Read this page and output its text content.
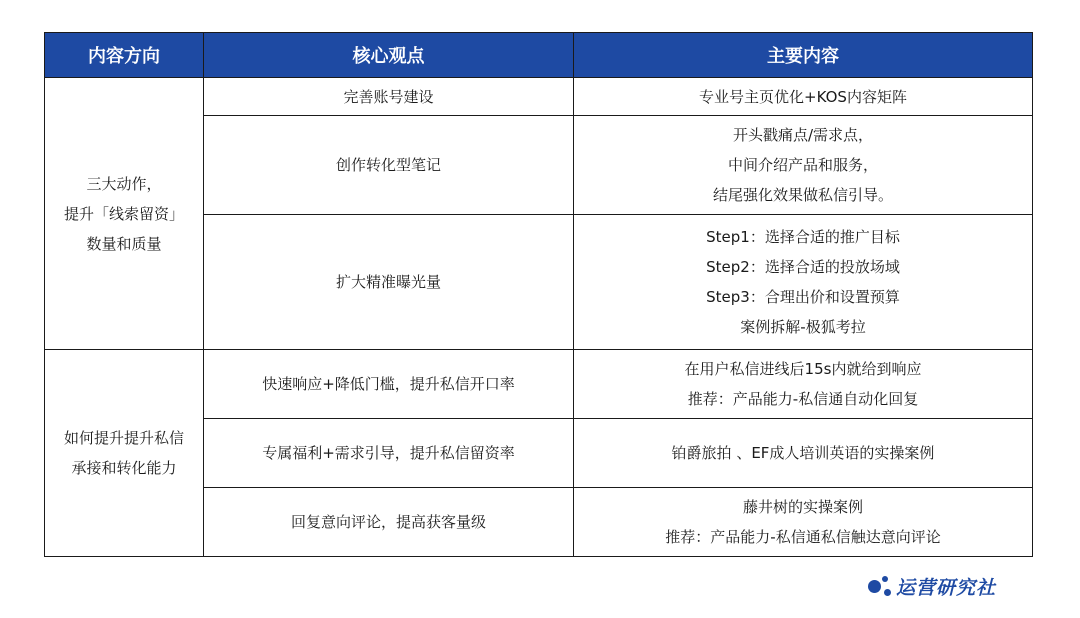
内容方向	核心观点	主要内容

三大动作，
提升「线索留资」
数量和质量	完善账号建设	专业号主页优化+KOS内容矩阵

	创作转化型笔记	开头戳痛点/需求点，
中间介绍产品和服务，
结尾强化效果做私信引导。

	扩大精准曝光量	Step1：选择合适的推广目标
Step2：选择合适的投放场域
Step3：合理出价和设置预算
案例拆解-极狐考拉

如何提升提升私信
承接和转化能力	快速响应+降低门槛，提升私信开口率	在用户私信进线后15s内就给到响应
推荐：产品能力-私信通自动化回复

	专属福利+需求引导，提升私信留资率	铂爵旅拍 、EF成人培训英语的实操案例

	回复意向评论，提高获客量级	藤井树的实操案例
推荐：产品能力-私信通私信触达意向评论
运营研究社
